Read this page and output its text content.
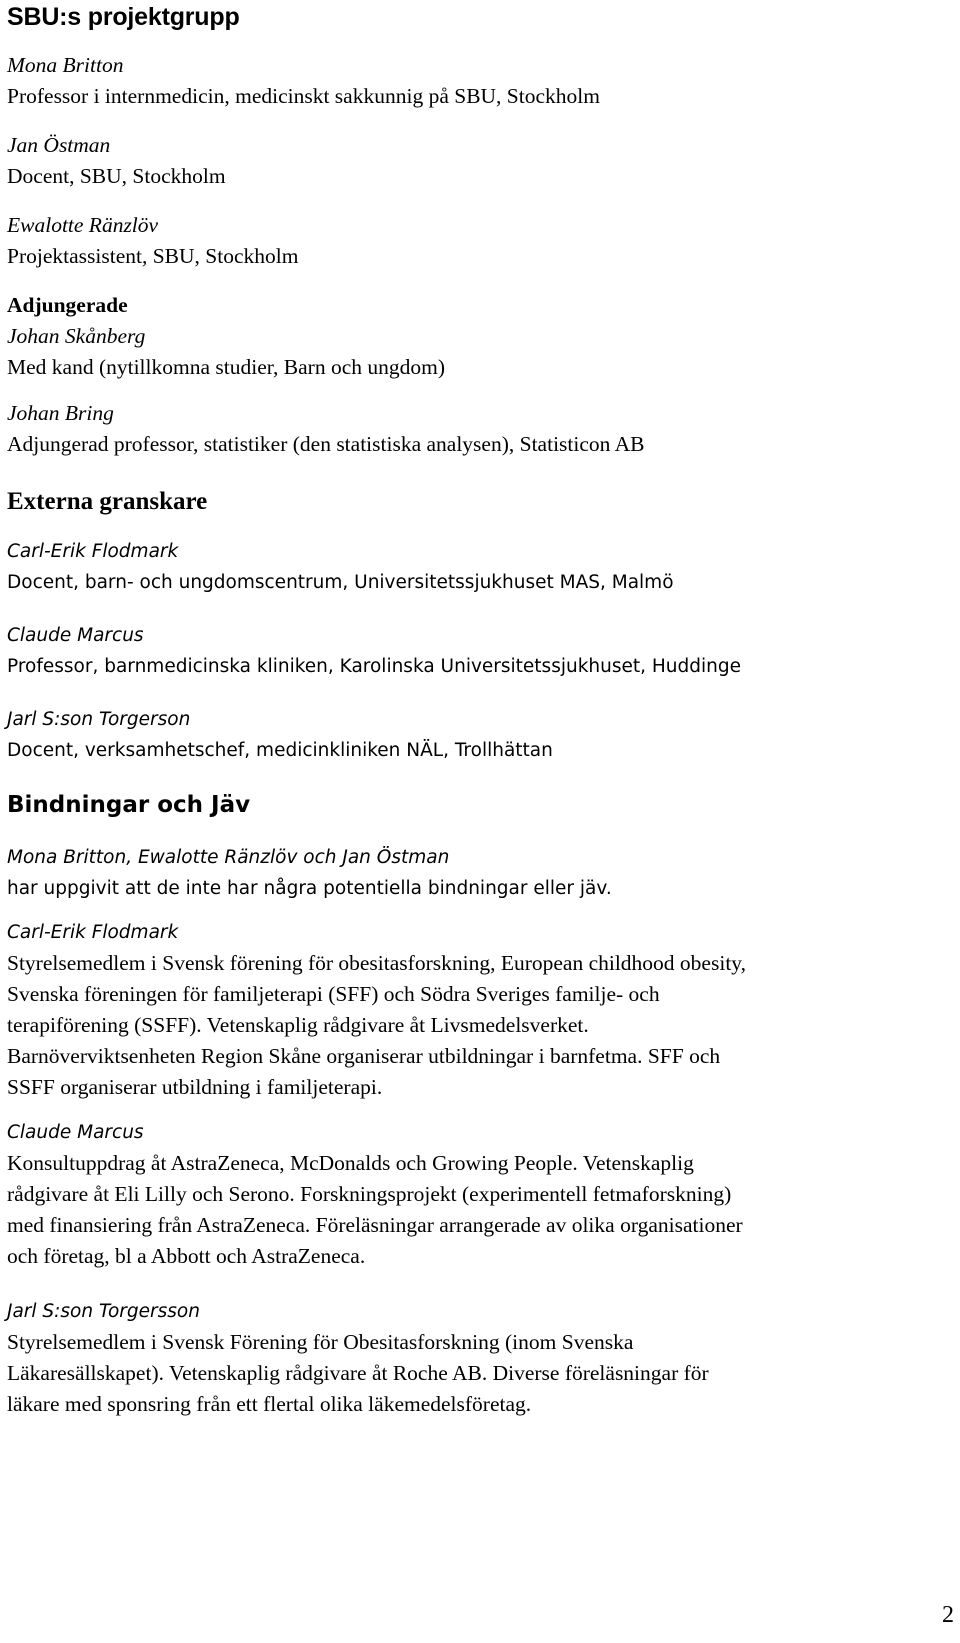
SBU:s projektgrupp
Mona Britton
Professor i internmedicin, medicinskt sakkunnig på SBU, Stockholm
Jan Östman
Docent, SBU, Stockholm
Ewalotte Ränzlöv
Projektassistent, SBU, Stockholm
Adjungerade
Johan Skånberg
Med kand (nytillkomna studier, Barn och ungdom)
Johan Bring
Adjungerad professor, statistiker (den statistiska analysen), Statisticon AB
Externa granskare
Carl-Erik Flodmark
Docent, barn- och ungdomscentrum, Universitetssjukhuset MAS, Malmö
Claude Marcus
Professor, barnmedicinska kliniken, Karolinska Universitetssjukhuset, Huddinge
Jarl S:son Torgerson
Docent, verksamhetschef, medicinkliniken NÄL, Trollhättan
Bindningar och Jäv
Mona Britton, Ewalotte Ränzlöv och Jan Östman
har uppgivit att de inte har några potentiella bindningar eller jäv.
Carl-Erik Flodmark
Styrelsemedlem i Svensk förening för obesitasforskning, European childhood obesity,
Svenska föreningen för familjeterapi (SFF) och Södra Sveriges familje- och
terapiförening (SSFF). Vetenskaplig rådgivare åt Livsmedelsverket.
Barnöverviktsenheten Region Skåne organiserar utbildningar i barnfetma. SFF och
SSFF organiserar utbildning i familjeterapi.
Claude Marcus
Konsultuppdrag åt AstraZeneca, McDonalds och Growing People. Vetenskaplig
rådgivare åt Eli Lilly och Serono. Forskningsprojekt (experimentell fetmaforskning)
med finansiering från AstraZeneca. Föreläsningar arrangerade av olika organisationer
och företag, bl a Abbott och AstraZeneca.
Jarl S:son Torgersson
Styrelsemedlem i Svensk Förening för Obesitasforskning (inom Svenska
Läkaresällskapet). Vetenskaplig rådgivare åt Roche AB. Diverse föreläsningar för
läkare med sponsring från ett flertal olika läkemedelsföretag.
2
